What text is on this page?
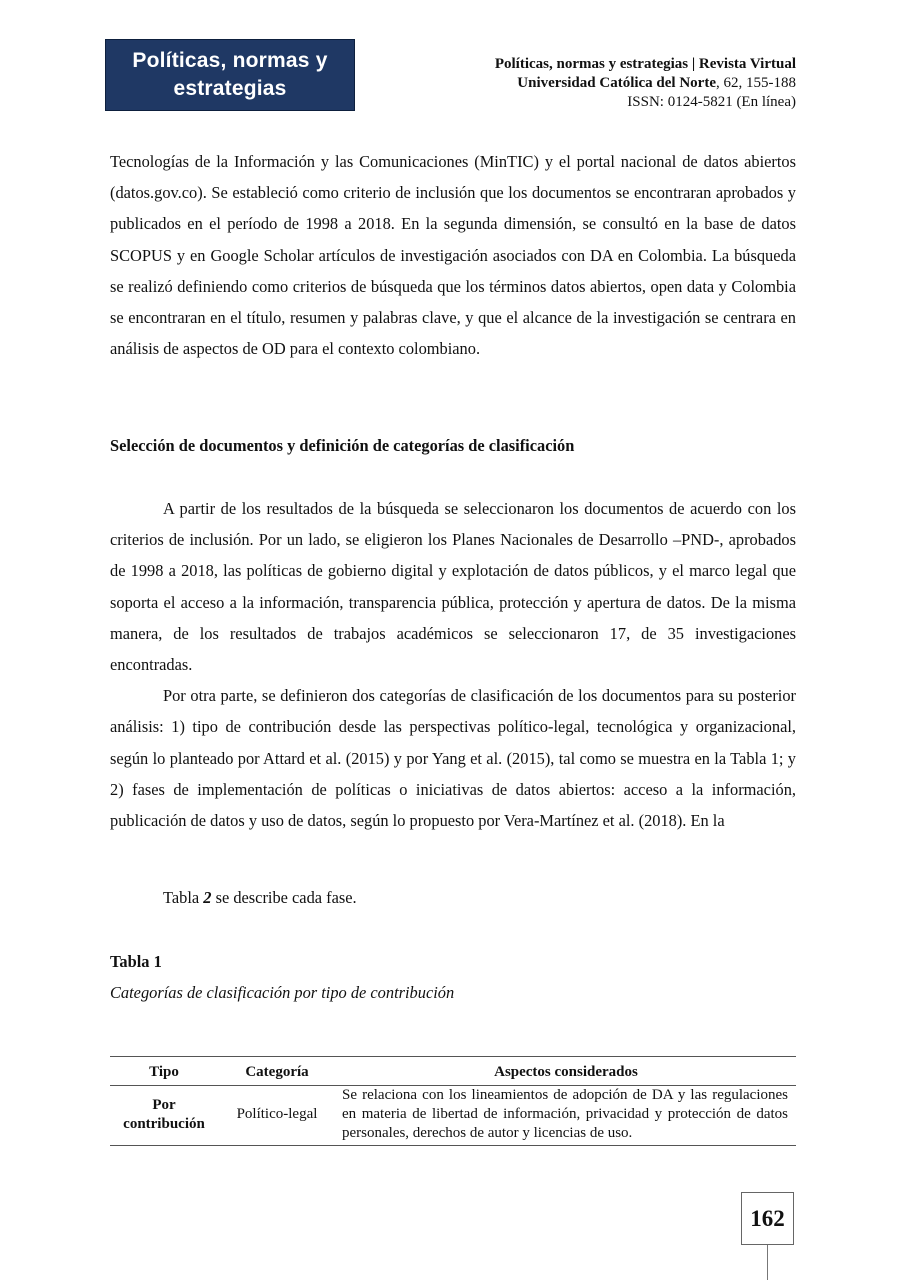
Políticas, normas y
estrategias
Políticas, normas y estrategias | Revista Virtual
Universidad Católica del Norte, 62, 155-188
ISSN: 0124-5821 (En línea)

Tecnologías de la Información y las Comunicaciones (MinTIC) y el portal nacional de datos abiertos (datos.gov.co). Se estableció como criterio de inclusión que los documentos se encontraran aprobados y publicados en el período de 1998 a 2018. En la segunda dimensión, se consultó en la base de datos SCOPUS y en Google Scholar artículos de investigación asociados con DA en Colombia. La búsqueda se realizó definiendo como criterios de búsqueda que los términos datos abiertos, open data y Colombia se encontraran en el título, resumen y palabras clave, y que el alcance de la investigación se centrara en análisis de aspectos de OD para el contexto colombiano.

Selección de documentos y definición de categorías de clasificación

A partir de los resultados de la búsqueda se seleccionaron los documentos de acuerdo con los criterios de inclusión. Por un lado, se eligieron los Planes Nacionales de Desarrollo –PND-, aprobados de 1998 a 2018, las políticas de gobierno digital y explotación de datos públicos, y el marco legal que soporta el acceso a la información, transparencia pública, protección y apertura de datos. De la misma manera, de los resultados de trabajos académicos se seleccionaron 17, de 35 investigaciones encontradas.

Por otra parte, se definieron dos categorías de clasificación de los documentos para su posterior análisis: 1) tipo de contribución desde las perspectivas político-legal, tecnológica y organizacional, según lo planteado por Attard et al. (2015) y por Yang et al. (2015), tal como se muestra en la Tabla 1; y 2) fases de implementación de políticas o iniciativas de datos abiertos: acceso a la información, publicación de datos y uso de datos, según lo propuesto por Vera-Martínez et al. (2018). En la

Tabla 2 se describe cada fase.

Tabla 1
Categorías de clasificación por tipo de contribución
Tipo	Categoría	Aspectos considerados
Por contribución	Político-legal	Se relaciona con los lineamientos de adopción de DA y las regulaciones en materia de libertad de información, privacidad y protección de datos personales, derechos de autor y licencias de uso.
162
